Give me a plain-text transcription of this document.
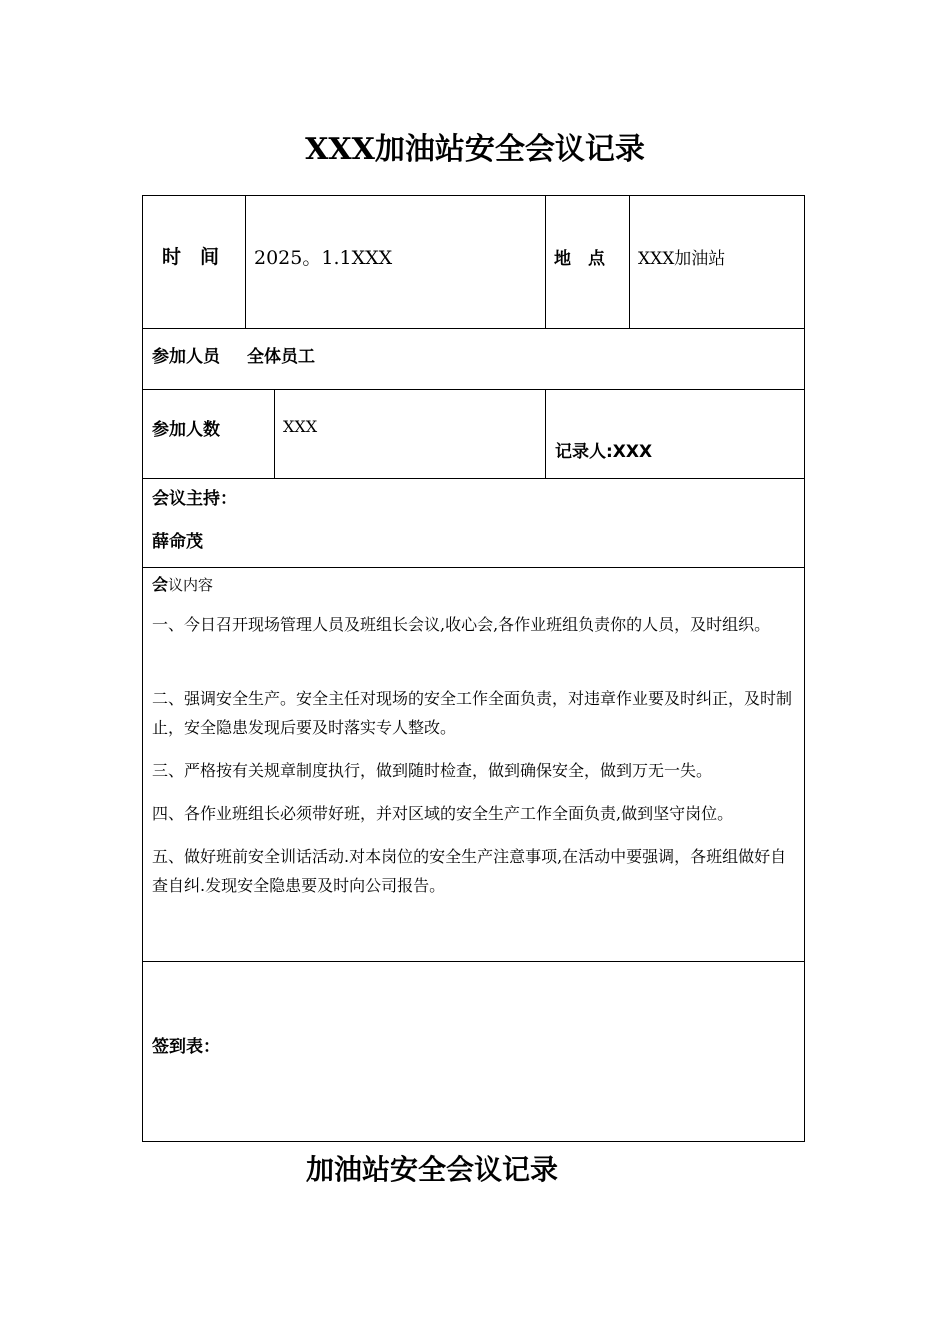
XXX加油站安全会议记录
时　间 2025。1.1XXX	地　点 XXX加油站
参加人员 全体员工
参加人数	XXX
记录人:XXX
会议主持：
薛命茂
会议内容
一、今日召开现场管理人员及班组长会议,收心会,各作业班组负责你的人员，及时组织。
二、强调安全生产。安全主任对现场的安全工作全面负责，对违章作业要及时纠正，及时制止，安全隐患发现后要及时落实专人整改。
三、严格按有关规章制度执行，做到随时检查，做到确保安全，做到万无一失。
四、各作业班组长必须带好班，并对区域的安全生产工作全面负责,做到坚守岗位。
五、做好班前安全训话活动.对本岗位的安全生产注意事项,在活动中要强调，各班组做好自查自纠.发现安全隐患要及时向公司报告。
签到表：
加油站安全会议记录
